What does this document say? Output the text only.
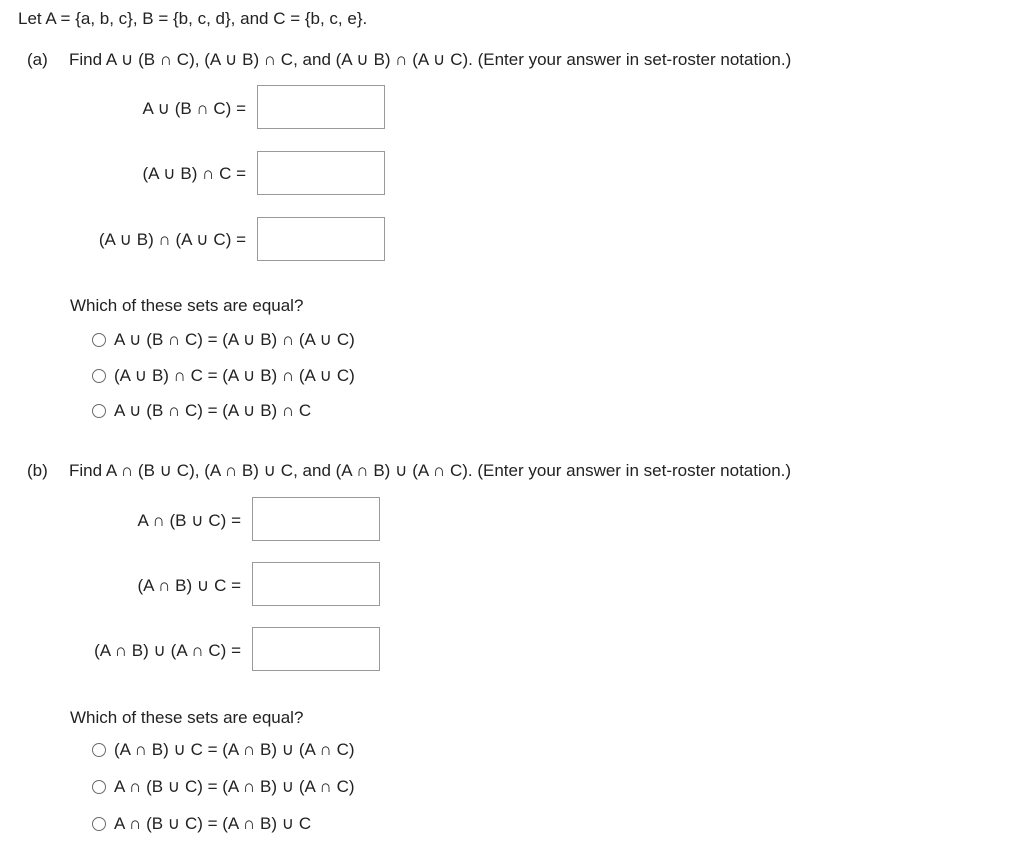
Let A = {a, b, c}, B = {b, c, d}, and C = {b, c, e}.
(a) Find A ∪ (B ∩ C), (A ∪ B) ∩ C, and (A ∪ B) ∩ (A ∪ C). (Enter your answer in set-roster notation.)
A ∪ (B ∩ C) =
(A ∪ B) ∩ C =
(A ∪ B) ∩ (A ∪ C) =
Which of these sets are equal?
A ∪ (B ∩ C) = (A ∪ B) ∩ (A ∪ C)
(A ∪ B) ∩ C = (A ∪ B) ∩ (A ∪ C)
A ∪ (B ∩ C) = (A ∪ B) ∩ C
(b) Find A ∩ (B ∪ C), (A ∩ B) ∪ C, and (A ∩ B) ∪ (A ∩ C). (Enter your answer in set-roster notation.)
A ∩ (B ∪ C) =
(A ∩ B) ∪ C =
(A ∩ B) ∪ (A ∩ C) =
Which of these sets are equal?
(A ∩ B) ∪ C = (A ∩ B) ∪ (A ∩ C)
A ∩ (B ∪ C) = (A ∩ B) ∪ (A ∩ C)
A ∩ (B ∪ C) = (A ∩ B) ∪ C
